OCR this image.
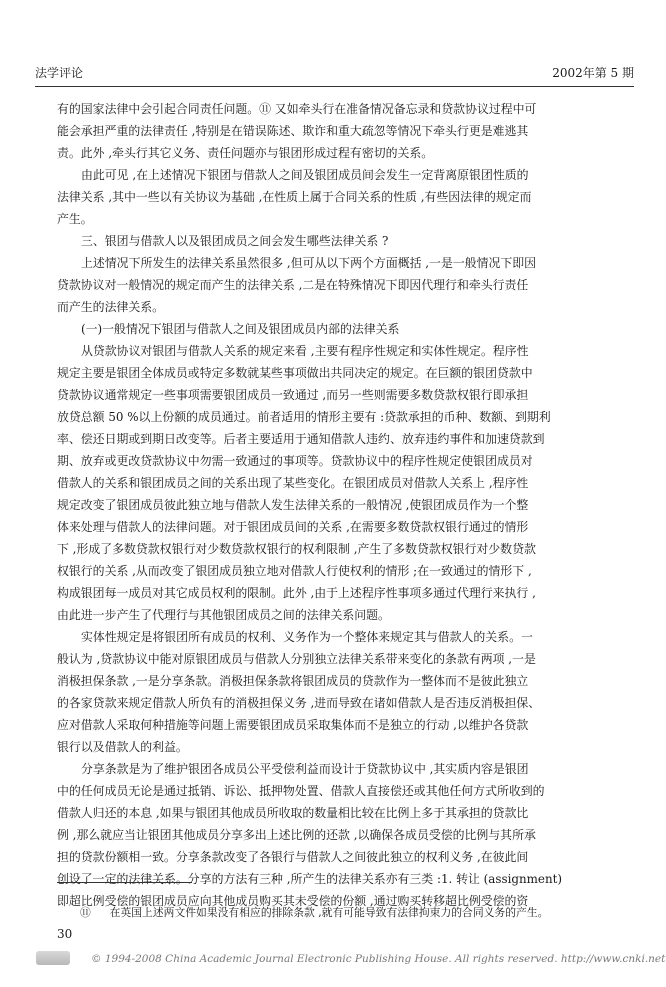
法学评论	2002年第 5 期
有的国家法律中会引起合同责任问题。⑪ 又如牵头行在准备情况备忘录和贷款协议过程中可
能会承担严重的法律责任 ,特别是在错误陈述、欺诈和重大疏忽等情况下牵头行更是难逃其
责。此外 ,牵头行其它义务、责任问题亦与银团形成过程有密切的关系。
由此可见 ,在上述情况下银团与借款人之间及银团成员间会发生一定背离原银团性质的
法律关系 ,其中一些以有关协议为基础 ,在性质上属于合同关系的性质 ,有些因法律的规定而
产生。
三、银团与借款人以及银团成员之间会发生哪些法律关系 ?
上述情况下所发生的法律关系虽然很多 ,但可从以下两个方面概括 ,一是一般情况下即因
贷款协议对一般情况的规定而产生的法律关系 ,二是在特殊情况下即因代理行和牵头行责任
而产生的法律关系。
(一)一般情况下银团与借款人之间及银团成员内部的法律关系
从贷款协议对银团与借款人关系的规定来看 ,主要有程序性规定和实体性规定。程序性
规定主要是银团全体成员或特定多数就某些事项做出共同决定的规定。在巨额的银团贷款中
贷款协议通常规定一些事项需要银团成员一致通过 ,而另一些则需要多数贷款权银行即承担
放贷总额 50 %以上份额的成员通过。前者适用的情形主要有 :贷款承担的币种、数额、到期利
率、偿还日期或到期日改变等。后者主要适用于通知借款人违约、放弃违约事件和加速贷款到
期、放弃或更改贷款协议中勿需一致通过的事项等。贷款协议中的程序性规定使银团成员对
借款人的关系和银团成员之间的关系出现了某些变化。在银团成员对借款人关系上 ,程序性
规定改变了银团成员彼此独立地与借款人发生法律关系的一般情况 ,使银团成员作为一个整
体来处理与借款人的法律问题。对于银团成员间的关系 ,在需要多数贷款权银行通过的情形
下 ,形成了多数贷款权银行对少数贷款权银行的权利限制 ,产生了多数贷款权银行对少数贷款
权银行的关系 ,从而改变了银团成员独立地对借款人行使权利的情形 ;在一致通过的情形下 ,
构成银团每一成员对其它成员权利的限制。此外 ,由于上述程序性事项多通过代理行来执行 ,
由此进一步产生了代理行与其他银团成员之间的法律关系问题。
实体性规定是将银团所有成员的权利、义务作为一个整体来规定其与借款人的关系。一
般认为 ,贷款协议中能对原银团成员与借款人分别独立法律关系带来变化的条款有两项 ,一是
消极担保条款 ,一是分享条款。消极担保条款将银团成员的贷款作为一整体而不是彼此独立
的各家贷款来规定借款人所负有的消极担保义务 ,进而导致在诸如借款人是否违反消极担保、
应对借款人采取何种措施等问题上需要银团成员采取集体而不是独立的行动 ,以维护各贷款
银行以及借款人的利益。
分享条款是为了维护银团各成员公平受偿利益而设计于贷款协议中 ,其实质内容是银团
中的任何成员无论是通过抵销、诉讼、抵押物处置、借款人直接偿还或其他任何方式所收到的
借款人归还的本息 ,如果与银团其他成员所收取的数量相比较在比例上多于其承担的贷款比
例 ,那么就应当让银团其他成员分享多出上述比例的还款 ,以确保各成员受偿的比例与其所承
担的贷款份额相一致。分享条款改变了各银行与借款人之间彼此独立的权利义务 ,在彼此间
创设了一定的法律关系。分享的方法有三种 ,所产生的法律关系亦有三类 :1. 转让 (assignment)
即超比例受偿的银团成员应向其他成员购买其未受偿的份额 ,通过购买转移超比例受偿的资
⑪ 在英国上述两文件如果没有相应的排除条款 ,就有可能导致有法律拘束力的合同义务的产生。
30
© 1994-2008 China Academic Journal Electronic Publishing House. All rights reserved. http://www.cnki.net
